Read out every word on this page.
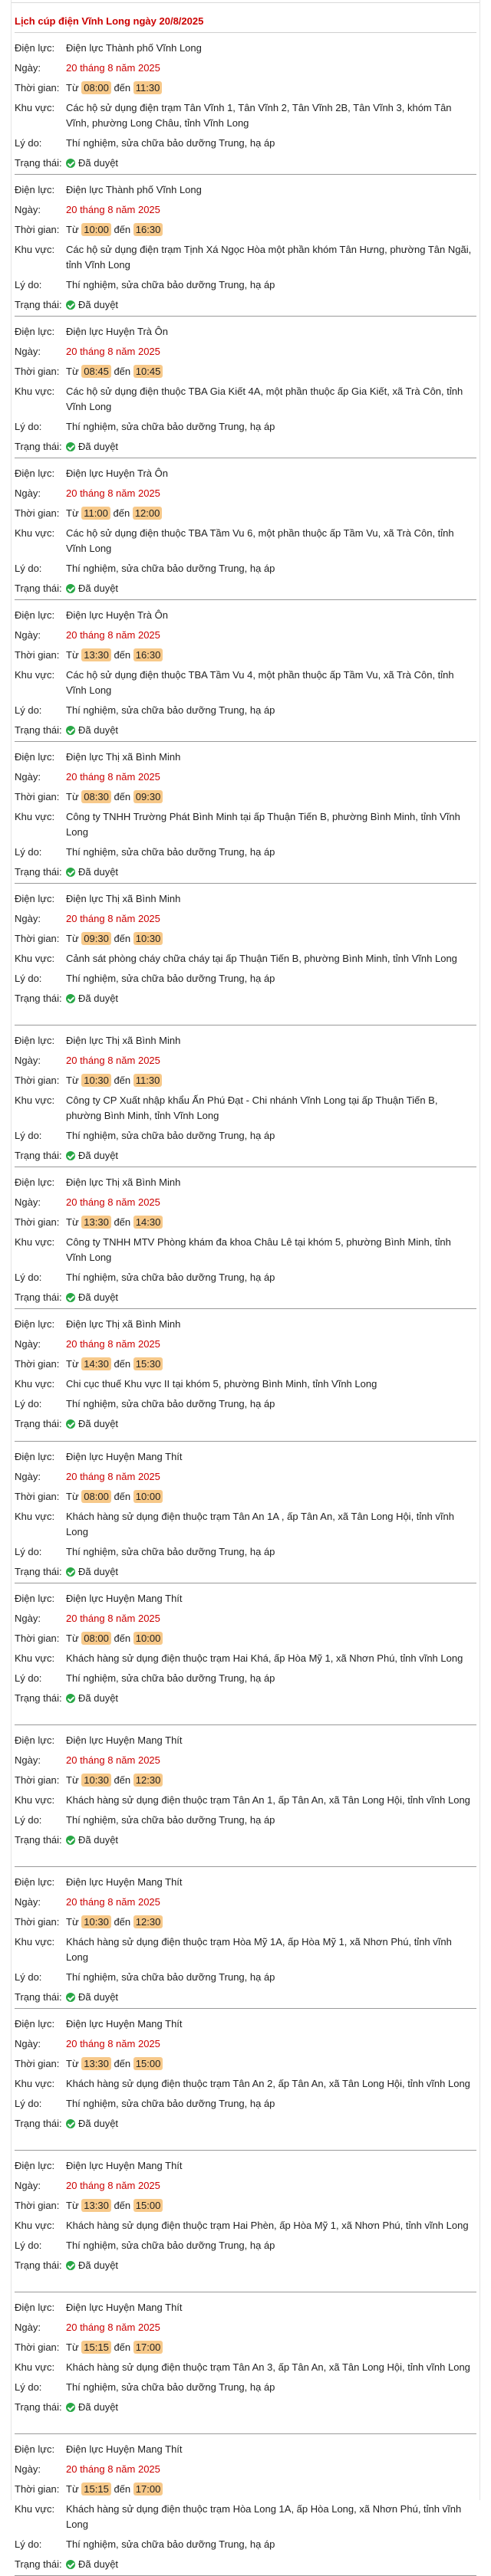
Lịch cúp điện Vĩnh Long ngày 20/8/2025
Điện lực:	Điện lực Thành phố Vĩnh Long
Ngày:	20 tháng 8 năm 2025
Thời gian: Từ 08:00 đến 11:30
Khu vực:	Các hộ sử dụng điện trạm Tân Vĩnh 1, Tân Vĩnh 2, Tân Vĩnh 2B, Tân Vĩnh 3, khóm Tân Vĩnh, phường Long Châu, tỉnh Vĩnh Long
Lý do:	Thí nghiệm, sửa chữa bảo dưỡng Trung, hạ áp
Trạng thái:	Đã duyệt
Điện lực:	Điện lực Thành phố Vĩnh Long
Ngày:	20 tháng 8 năm 2025
Thời gian: Từ 10:00 đến 16:30
Khu vực:	Các hộ sử dụng điện trạm Tịnh Xá Ngọc Hòa một phần khóm Tân Hưng, phường Tân Ngãi, tỉnh Vĩnh Long
Lý do:	Thí nghiệm, sửa chữa bảo dưỡng Trung, hạ áp
Trạng thái:	Đã duyệt
Điện lực:	Điện lực Huyện Trà Ôn
Ngày:	20 tháng 8 năm 2025
Thời gian: Từ 08:45 đến 10:45
Khu vực:	Các hộ sử dụng điện thuộc TBA Gia Kiết 4A, một phần thuộc ấp Gia Kiết, xã Trà Côn, tỉnh Vĩnh Long
Lý do:	Thí nghiệm, sửa chữa bảo dưỡng Trung, hạ áp
Trạng thái:	Đã duyệt
Điện lực:	Điện lực Huyện Trà Ôn
Ngày:	20 tháng 8 năm 2025
Thời gian: Từ 11:00 đến 12:00
Khu vực:	Các hộ sử dụng điện thuộc TBA Tầm Vu 6, một phần thuộc ấp Tầm Vu, xã Trà Côn, tỉnh Vĩnh Long
Lý do:	Thí nghiệm, sửa chữa bảo dưỡng Trung, hạ áp
Trạng thái:	Đã duyệt
Điện lực:	Điện lực Huyện Trà Ôn
Ngày:	20 tháng 8 năm 2025
Thời gian: Từ 13:30 đến 16:30
Khu vực:	Các hộ sử dụng điện thuộc TBA Tầm Vu 4, một phần thuộc ấp Tầm Vu, xã Trà Côn, tỉnh Vĩnh Long
Lý do:	Thí nghiệm, sửa chữa bảo dưỡng Trung, hạ áp
Trạng thái:	Đã duyệt
Điện lực:	Điện lực Thị xã Bình Minh
Ngày:	20 tháng 8 năm 2025
Thời gian: Từ 08:30 đến 09:30
Khu vực:	Công ty TNHH Trường Phát Bình Minh tại ấp Thuận Tiến B, phường Bình Minh, tỉnh Vĩnh Long
Lý do:	Thí nghiệm, sửa chữa bảo dưỡng Trung, hạ áp
Trạng thái:	Đã duyệt
Điện lực:	Điện lực Thị xã Bình Minh
Ngày:	20 tháng 8 năm 2025
Thời gian: Từ 09:30 đến 10:30
Khu vực:	Cảnh sát phòng cháy chữa cháy tại ấp Thuận Tiến B, phường Bình Minh, tỉnh Vĩnh Long
Lý do:	Thí nghiệm, sửa chữa bảo dưỡng Trung, hạ áp
Trạng thái:	Đã duyệt
Điện lực:	Điện lực Thị xã Bình Minh
Ngày:	20 tháng 8 năm 2025
Thời gian: Từ 10:30 đến 11:30
Khu vực:	Công ty CP Xuất nhập khẩu Ấn Phú Đạt - Chi nhánh Vĩnh Long tại ấp Thuận Tiến B, phường Bình Minh, tỉnh Vĩnh Long
Lý do:	Thí nghiệm, sửa chữa bảo dưỡng Trung, hạ áp
Trạng thái:	Đã duyệt
Điện lực:	Điện lực Thị xã Bình Minh
Ngày:	20 tháng 8 năm 2025
Thời gian: Từ 13:30 đến 14:30
Khu vực:	Công ty TNHH MTV Phòng khám đa khoa Châu Lê tại khóm 5, phường Bình Minh, tỉnh Vĩnh Long
Lý do:	Thí nghiệm, sửa chữa bảo dưỡng Trung, hạ áp
Trạng thái:	Đã duyệt
Điện lực:	Điện lực Thị xã Bình Minh
Ngày:	20 tháng 8 năm 2025
Thời gian: Từ 14:30 đến 15:30
Khu vực:	Chi cục thuế Khu vực II tại khóm 5, phường Bình Minh, tỉnh Vĩnh Long
Lý do:	Thí nghiệm, sửa chữa bảo dưỡng Trung, hạ áp
Trạng thái:	Đã duyệt
Điện lực:	Điện lực Huyện Mang Thít
Ngày:	20 tháng 8 năm 2025
Thời gian: Từ 08:00 đến 10:00
Khu vực:	Khách hàng sử dụng điện thuộc trạm Tân An 1A , ấp Tân An, xã Tân Long Hội, tỉnh vĩnh Long
Lý do:	Thí nghiệm, sửa chữa bảo dưỡng Trung, hạ áp
Trạng thái:	Đã duyệt
Điện lực:	Điện lực Huyện Mang Thít
Ngày:	20 tháng 8 năm 2025
Thời gian: Từ 08:00 đến 10:00
Khu vực:	Khách hàng sử dụng điện thuộc trạm Hai Khá, ấp Hòa Mỹ 1, xã Nhơn Phú, tỉnh vĩnh Long
Lý do:	Thí nghiệm, sửa chữa bảo dưỡng Trung, hạ áp
Trạng thái:	Đã duyệt
Điện lực:	Điện lực Huyện Mang Thít
Ngày:	20 tháng 8 năm 2025
Thời gian: Từ 10:30 đến 12:30
Khu vực:	Khách hàng sử dụng điện thuộc trạm Tân An 1, ấp Tân An, xã Tân Long Hội, tỉnh vĩnh Long
Lý do:	Thí nghiệm, sửa chữa bảo dưỡng Trung, hạ áp
Trạng thái:	Đã duyệt
Điện lực:	Điện lực Huyện Mang Thít
Ngày:	20 tháng 8 năm 2025
Thời gian: Từ 10:30 đến 12:30
Khu vực:	Khách hàng sử dụng điện thuộc trạm Hòa Mỹ 1A, ấp Hòa Mỹ 1, xã Nhơn Phú, tỉnh vĩnh Long
Lý do:	Thí nghiệm, sửa chữa bảo dưỡng Trung, hạ áp
Trạng thái:	Đã duyệt
Điện lực:	Điện lực Huyện Mang Thít
Ngày:	20 tháng 8 năm 2025
Thời gian: Từ 13:30 đến 15:00
Khu vực:	Khách hàng sử dụng điện thuộc trạm Tân An 2, ấp Tân An, xã Tân Long Hội, tỉnh vĩnh Long
Lý do:	Thí nghiệm, sửa chữa bảo dưỡng Trung, hạ áp
Trạng thái:	Đã duyệt
Điện lực:	Điện lực Huyện Mang Thít
Ngày:	20 tháng 8 năm 2025
Thời gian: Từ 13:30 đến 15:00
Khu vực:	Khách hàng sử dụng điện thuộc trạm Hai Phèn, ấp Hòa Mỹ 1, xã Nhơn Phú, tỉnh vĩnh Long
Lý do:	Thí nghiệm, sửa chữa bảo dưỡng Trung, hạ áp
Trạng thái:	Đã duyệt
Điện lực:	Điện lực Huyện Mang Thít
Ngày:	20 tháng 8 năm 2025
Thời gian: Từ 15:15 đến 17:00
Khu vực:	Khách hàng sử dụng điện thuộc trạm Tân An 3, ấp Tân An, xã Tân Long Hội, tỉnh vĩnh Long
Lý do:	Thí nghiệm, sửa chữa bảo dưỡng Trung, hạ áp
Trạng thái:	Đã duyệt
Điện lực:	Điện lực Huyện Mang Thít
Ngày:	20 tháng 8 năm 2025
Thời gian: Từ 15:15 đến 17:00
Khu vực:	Khách hàng sử dụng điện thuộc trạm Hòa Long 1A, ấp Hòa Long, xã Nhơn Phú, tỉnh vĩnh Long
Lý do:	Thí nghiệm, sửa chữa bảo dưỡng Trung, hạ áp
Trạng thái:	Đã duyệt
